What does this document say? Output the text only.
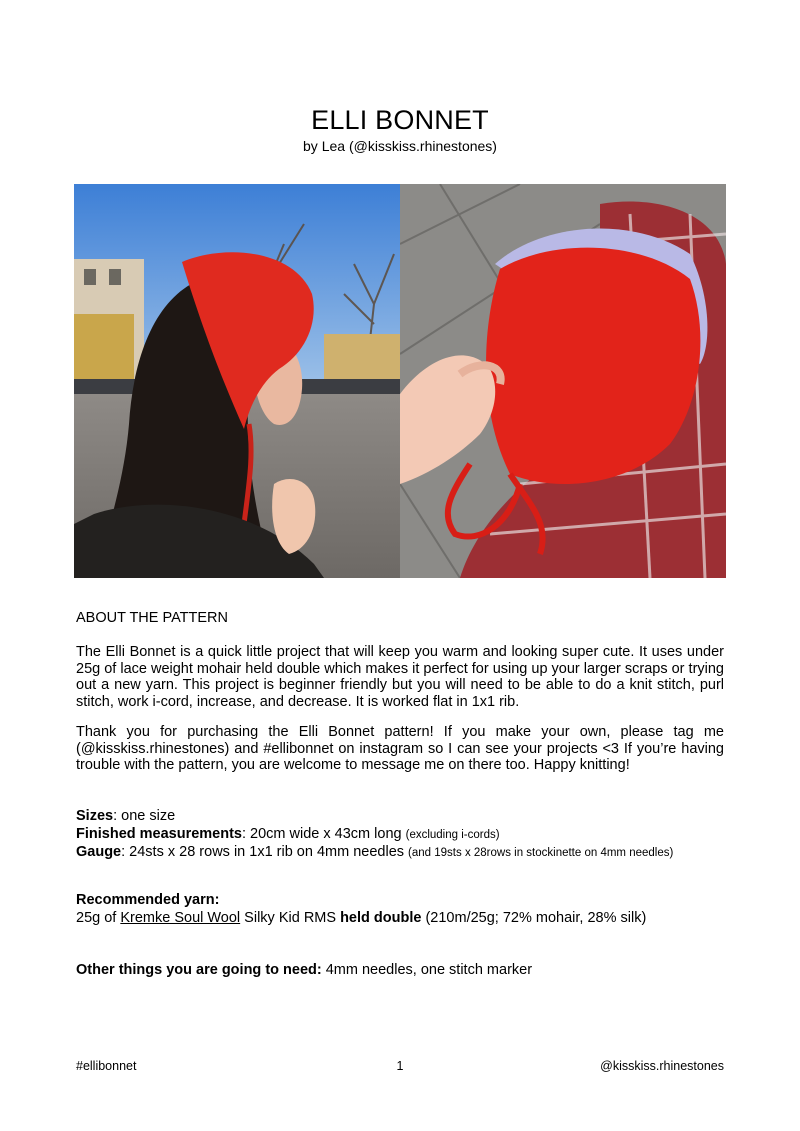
ELLI BONNET
by Lea (@kisskiss.rhinestones)
ABOUT THE PATTERN
The Elli Bonnet is a quick little project that will keep you warm and looking super cute. It uses under 25g of lace weight mohair held double which makes it perfect for using up your larger scraps or trying out a new yarn. This project is beginner friendly but you will need to be able to do a knit stitch, purl stitch, work i-cord, increase, and decrease. It is worked flat in 1x1 rib.
Thank you for purchasing the Elli Bonnet pattern! If you make your own, please tag me (@kisskiss.rhinestones) and #ellibonnet on instagram so I can see your projects <3 If you’re having trouble with the pattern, you are welcome to message me on there too. Happy knitting!
Sizes: one size
Finished measurements: 20cm wide x 43cm long (excluding i-cords)
Gauge: 24sts x 28 rows in 1x1 rib on 4mm needles (and 19sts x 28rows in stockinette on 4mm needles)
Recommended yarn:
25g of Kremke Soul Wool Silky Kid RMS held double (210m/25g; 72% mohair, 28% silk)
Other things you are going to need: 4mm needles, one stitch marker
#ellibonnet	1	@kisskiss.rhinestones
